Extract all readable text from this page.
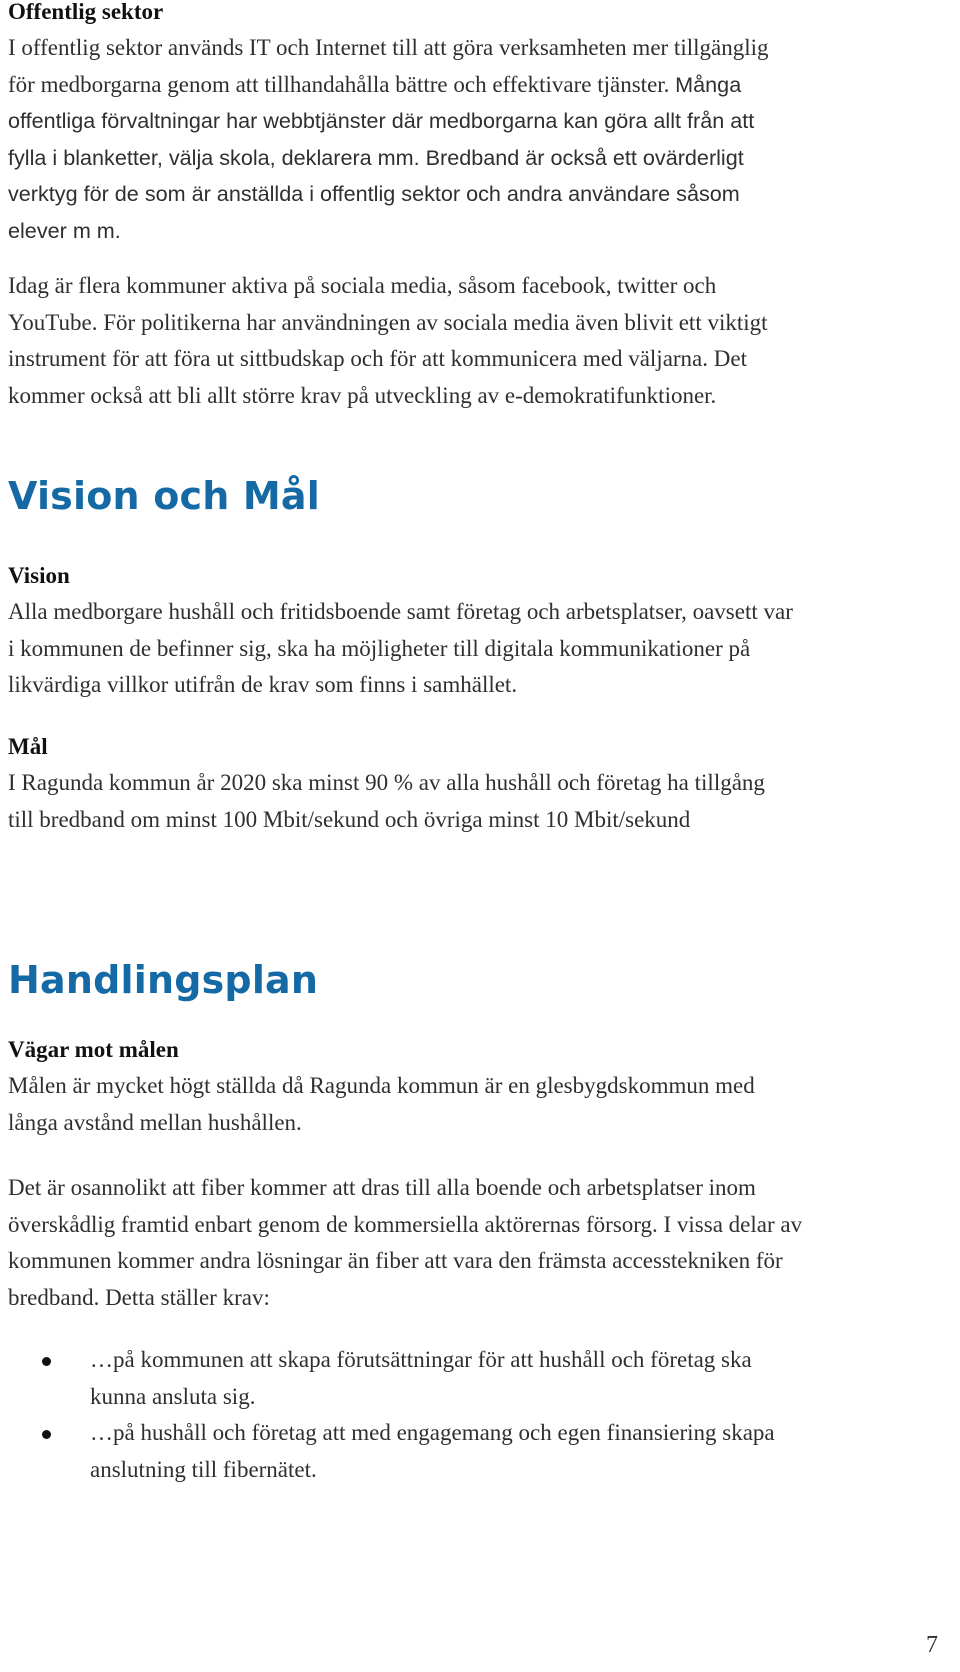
Offentlig sektor

I offentlig sektor används IT och Internet till att göra verksamheten mer tillgänglig för medborgarna genom att tillhandahålla bättre och effektivare tjänster. Många offentliga förvaltningar har webbtjänster där medborgarna kan göra allt från att fylla i blanketter, välja skola, deklarera mm. Bredband är också ett ovärderligt verktyg för de som är anställda i offentlig sektor och andra användare såsom elever m m.

Idag är flera kommuner aktiva på sociala media, såsom facebook, twitter och YouTube. För politikerna har användningen av sociala media även blivit ett viktigt instrument för att föra ut sittbudskap och för att kommunicera med väljarna. Det kommer också att bli allt större krav på utveckling av e-demokratifunktioner.

Vision och Mål

Vision

Alla medborgare hushåll och fritidsboende samt företag och arbetsplatser, oavsett var i kommunen de befinner sig, ska ha möjligheter till digitala kommunikationer på likvärdiga villkor utifrån de krav som finns i samhället.

Mål

I Ragunda kommun år 2020 ska minst 90 % av alla hushåll och företag ha tillgång till bredband om minst 100 Mbit/sekund och övriga minst 10 Mbit/sekund

Handlingsplan

Vägar mot målen

Målen är mycket högt ställda då Ragunda kommun är en glesbygdskommun med långa avstånd mellan hushållen.

Det är osannolikt att fiber kommer att dras till alla boende och arbetsplatser inom överskådlig framtid enbart genom de kommersiella aktörernas försorg. I vissa delar av kommunen kommer andra lösningar än fiber att vara den främsta accesstekniken för bredband. Detta ställer krav:

…på kommunen att skapa förutsättningar för att hushåll och företag ska kunna ansluta sig.
…på hushåll och företag att med engagemang och egen finansiering skapa anslutning till fibernätet.
7
